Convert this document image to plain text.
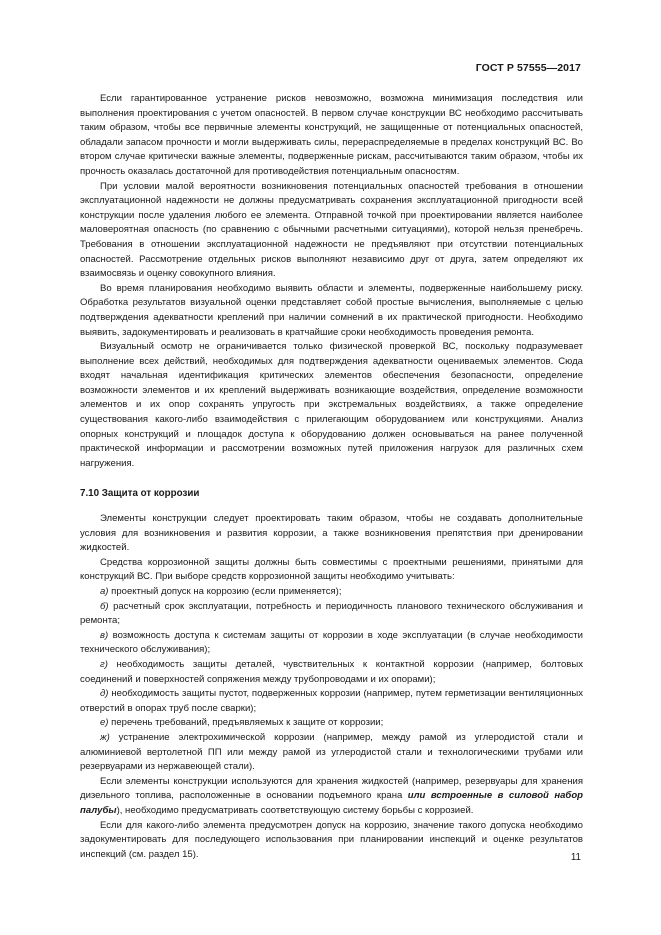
ГОСТ Р 57555—2017

Если гарантированное устранение рисков невозможно, возможна минимизация последствия или выполнения проектирования с учетом опасностей. В первом случае конструкции ВС необходимо рассчитывать таким образом, чтобы все первичные элементы конструкций, не защищенные от потенциальных опасностей, обладали запасом прочности и могли выдерживать силы, перераспределяемые в пределах конструкций ВС. Во втором случае критически важные элементы, подверженные рискам, рассчитываются таким образом, чтобы их прочность оказалась достаточной для противодействия потенциальным опасностям.

При условии малой вероятности возникновения потенциальных опасностей требования в отношении эксплуатационной надежности не должны предусматривать сохранения эксплуатационной пригодности всей конструкции после удаления любого ее элемента. Отправной точкой при проектировании является наиболее маловероятная опасность (по сравнению с обычными расчетными ситуациями), которой нельзя пренебречь. Требования в отношении эксплуатационной надежности не предъявляют при отсутствии потенциальных опасностей. Рассмотрение отдельных рисков выполняют независимо друг от друга, затем определяют их взаимосвязь и оценку совокупного влияния.

Во время планирования необходимо выявить области и элементы, подверженные наибольшему риску. Обработка результатов визуальной оценки представляет собой простые вычисления, выполняемые с целью подтверждения адекватности креплений при наличии сомнений в их практической пригодности. Необходимо выявить, задокументировать и реализовать в кратчайшие сроки необходимость проведения ремонта.

Визуальный осмотр не ограничивается только физической проверкой ВС, поскольку подразумевает выполнение всех действий, необходимых для подтверждения адекватности оцениваемых элементов. Сюда входят начальная идентификация критических элементов обеспечения безопасности, определение возможности элементов и их креплений выдерживать возникающие воздействия, определение возможности элементов и их опор сохранять упругость при экстремальных воздействиях, а также определение существования какого-либо взаимодействия с прилегающим оборудованием или конструкциями. Анализ опорных конструкций и площадок доступа к оборудованию должен основываться на ранее полученной практической информации и рассмотрении возможных путей приложения нагрузок для различных схем нагружения.

7.10 Защита от коррозии

Элементы конструкции следует проектировать таким образом, чтобы не создавать дополнительные условия для возникновения и развития коррозии, а также возникновения препятствия при дренировании жидкостей.

Средства коррозионной защиты должны быть совместимы с проектными решениями, принятыми для конструкций ВС. При выборе средств коррозионной защиты необходимо учитывать:

а) проектный допуск на коррозию (если применяется);

б) расчетный срок эксплуатации, потребность и периодичность планового технического обслуживания и ремонта;

в) возможность доступа к системам защиты от коррозии в ходе эксплуатации (в случае необходимости технического обслуживания);

г) необходимость защиты деталей, чувствительных к контактной коррозии (например, болтовых соединений и поверхностей сопряжения между трубопроводами и их опорами);

д) необходимость защиты пустот, подверженных коррозии (например, путем герметизации вентиляционных отверстий в опорах труб после сварки);

е) перечень требований, предъявляемых к защите от коррозии;

ж) устранение электрохимической коррозии (например, между рамой из углеродистой стали и алюминиевой вертолетной ПП или между рамой из углеродистой стали и технологическими трубами или резервуарами из нержавеющей стали).

Если элементы конструкции используются для хранения жидкостей (например, резервуары для хранения дизельного топлива, расположенные в основании подъемного крана или встроенные в силовой набор палубы), необходимо предусматривать соответствующую систему борьбы с коррозией.

Если для какого-либо элемента предусмотрен допуск на коррозию, значение такого допуска необходимо задокументировать для последующего использования при планировании инспекций и оценке результатов инспекций (см. раздел 15).	11
